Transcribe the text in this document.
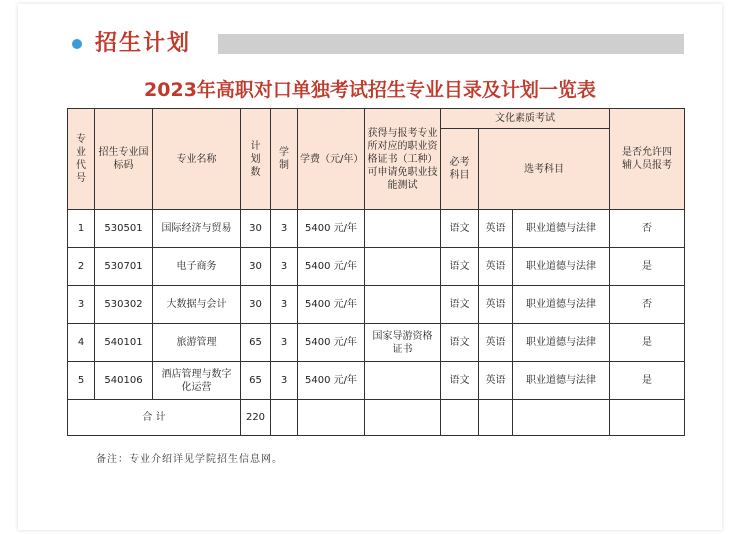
招生计划
2023年高职对口单独考试招生专业目录及计划一览表
专业代号	招生专业国标码	专业名称	计划数	学制	学费（元/年）	获得与报考专业所对应的职业资格证书（工种）可申请免职业技能测试	文化素质考试			是否允许四辅人员报考

							必考科目	选考科目		
1	530501	国际经济与贸易	30	3	5400 元/年		语文	英语	职业道德与法律	否
2	530701	电子商务	30	3	5400 元/年		语文	英语	职业道德与法律	是
3	530302	大数据与会计	30	3	5400 元/年		语文	英语	职业道德与法律	否
4	540101	旅游管理	65	3	5400 元/年	国家导游资格证书	语文	英语	职业道德与法律	是
5	540106	酒店管理与数字化运营	65	3	5400 元/年		语文	英语	职业道德与法律	是
合 计			220							
备注：专业介绍详见学院招生信息网。
